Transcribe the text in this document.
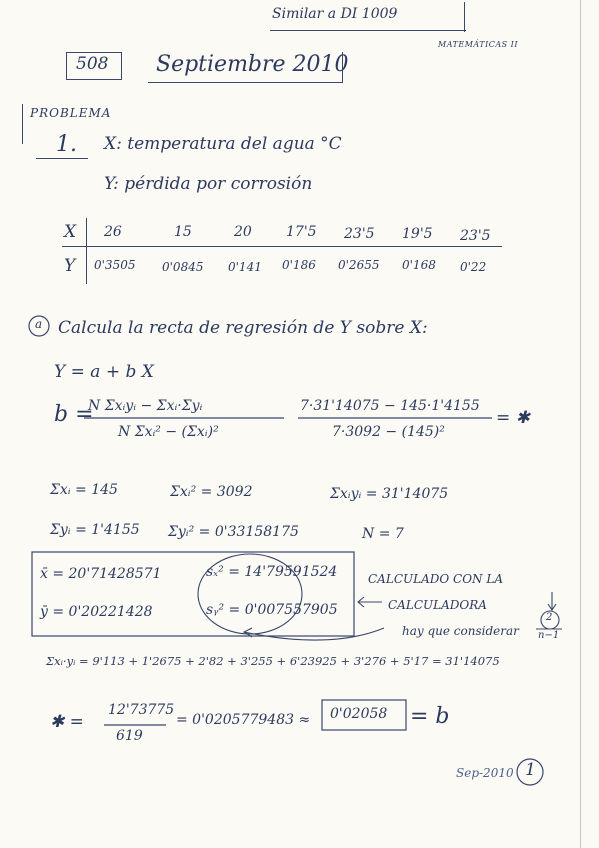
Similar a DI 1009
MATEMÁTICAS II
508 Septiembre 2010
PROBLEMA
1. X: temperatura del agua °C
Y: pérdida por corrosión
X
Y
26	15	20 17'5 23'5 19'5 23'5
0'3505 0'0845 0'141 0'186 0'2655 0'168 0'22
a Calcula la recta de regresión de Y sobre X:
Y = a + b X
b =
N Σxᵢyᵢ − Σxᵢ·Σyᵢ
N Σxᵢ² − (Σxᵢ)²
7·31'14075 − 145·1'4155
7·3092 − (145)²
= ✱
Σxᵢ = 145	Σxᵢ² = 3092	Σxᵢyᵢ = 31'14075
Σyᵢ = 1'4155 Σyᵢ² = 0'33158175	N = 7
x̄ = 20'71428571
ȳ = 0'20221428
sₓ² = 14'79591524
sᵧ² = 0'007557905
CALCULADO CON LA
CALCULADORA
hay que considerar
2
n−1
Σxᵢ·yᵢ = 9'113 + 1'2675 + 2'82 + 3'255 + 6'23925 + 3'276 + 5'17 = 31'14075
✱ =
12'73775
619
= 0'0205779483 ≈ 0'02058 = b
Sep-2010 1
